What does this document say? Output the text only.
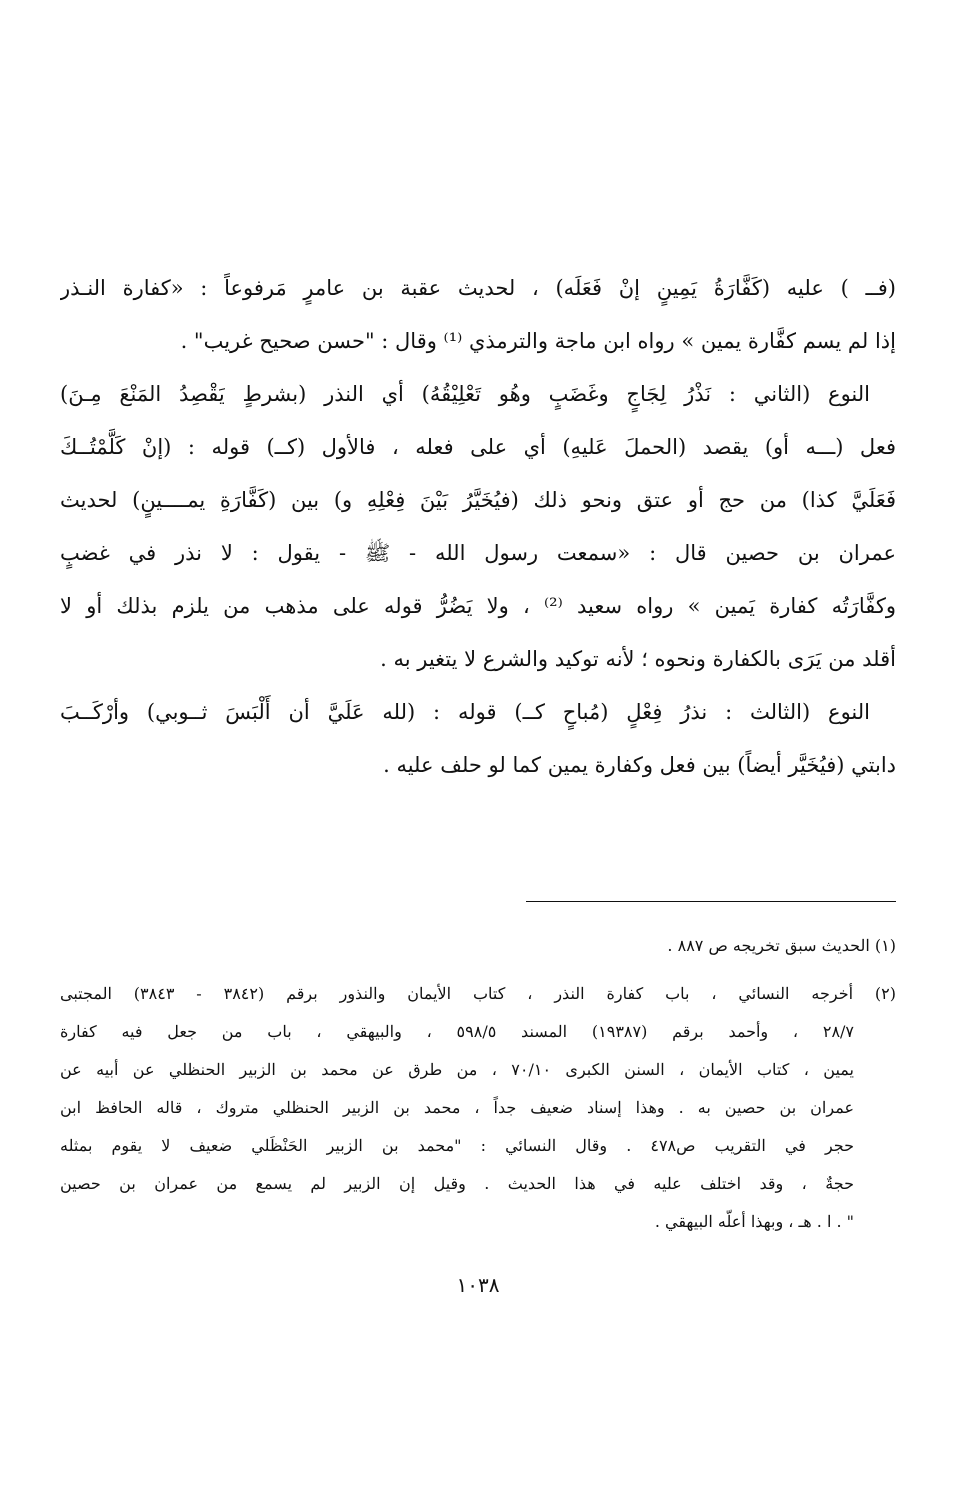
(فــ ) عليه (كَفَّارَةُ يَمِينٍ إنْ فَعَلَه) ، لحديث عقبة بن عامرٍ مَرفوعاً : «كفارة النـذر
إذا لم يسم كفَّارة يمين » رواه ابن ماجة والترمذي ⁽¹⁾ وقال : "حسن صحيح غريب" .
النوع (الثاني : نَذْرُ لِجَاجٍ وغَضَبٍ وهُو تَعْلِيْقُهُ) أي النذر (بشرطٍ يَقْصِدُ المَنْعَ مِـنَ)
فعل (ـــه أو) يقصد (الحملَ عَليهِ) أي على فعله ، فالأول (كــ) قوله : (إنْ كَلَّمْتُــكَ
فَعَلَيَّ كذا) من حج أو عتق ونحو ذلك (فيُخَيَّرُ بَيْنَ فِعْلِهِ و) بين (كَفَّارَةِ يمــــينٍ) لحديث
عمران بن حصين قال : «سمعت رسول الله - ﷺ - يقول : لا نذر في غضبٍ
وكفَّارَتُه كفارة يَمين » رواه سعيد ⁽²⁾ ، ولا يَضُرُّ قوله على مذهب من يلزم بذلك أو لا
أقلد من يَرَى بالكفارة ونحوه ؛ لأنه توكيد والشرع لا يتغير به .
النوع (الثالث : نذرُ فِعْلٍ (مُباحٍ كــ) قوله : (لله عَلَيَّ أن أَلْبَسَ ثــوبي) وأرْكَــبَ
دابتي (فيُخَيَّر أيضاً) بين فعل وكفارة يمين كما لو حلف عليه .
(١) الحديث سبق تخريجه ص ٨٨٧ .
(٢) أخرجه النسائي ، باب كفارة النذر ، كتاب الأيمان والنذور برقم (٣٨٤٢ - ٣٨٤٣) المجتبى
٢٨/٧ ، وأحمد برقم (١٩٣٨٧) المسند ٥٩٨/٥ ، والبيهقي ، باب من جعل فيه كفارة
يمين ، كتاب الأيمان ، السنن الكبرى ٧٠/١٠ ، من طرق عن محمد بن الزبير الحنظلي عن أبيه عن
عمران بن حصين به . وهذا إسناد ضعيف جداً ، محمد بن الزبير الحنظلي متروك ، قاله الحافظ ابن
حجر في التقريب ص٤٧٨ . وقال النسائي : "محمد بن الزبير الحَنْظَلي ضعيف لا يقوم بمثله
حجةٌ ، وقد اختلف عليه في هذا الحديث . وقيل إن الزبير لم يسمع من عمران بن حصين
" . ا . هـ ، وبهذا أعلّه البيهقي .
١٠٣٨
